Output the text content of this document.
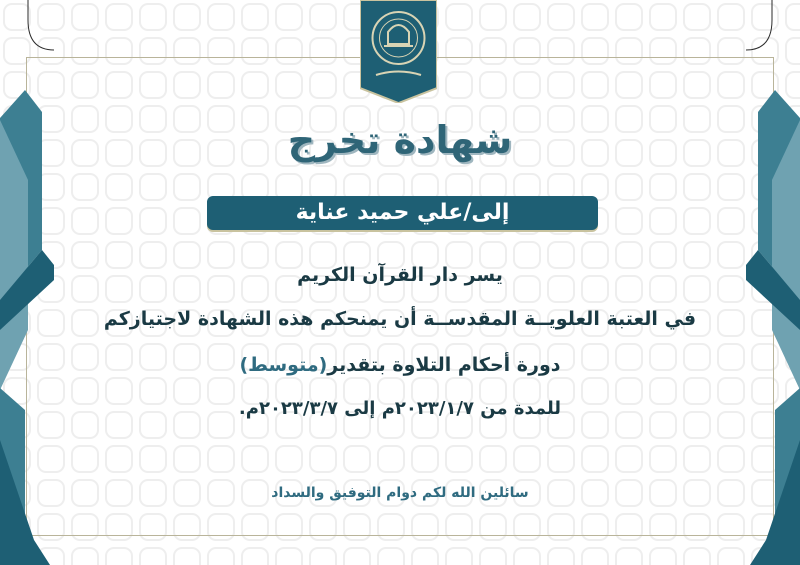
شهادة تخرج
إلى/علي حميد عناية
يسر دار القرآن الكريم
في العتبة العلويــة المقدســة أن يمنحكم هذه الشهادة لاجتيازكم
دورة أحكام التلاوة بتقدير(متوسط)
للمدة من ٢٠٢٣/١/٧م إلى ٢٠٢٣/٣/٧م.
سائلين الله لكم دوام التوفيق والسداد
